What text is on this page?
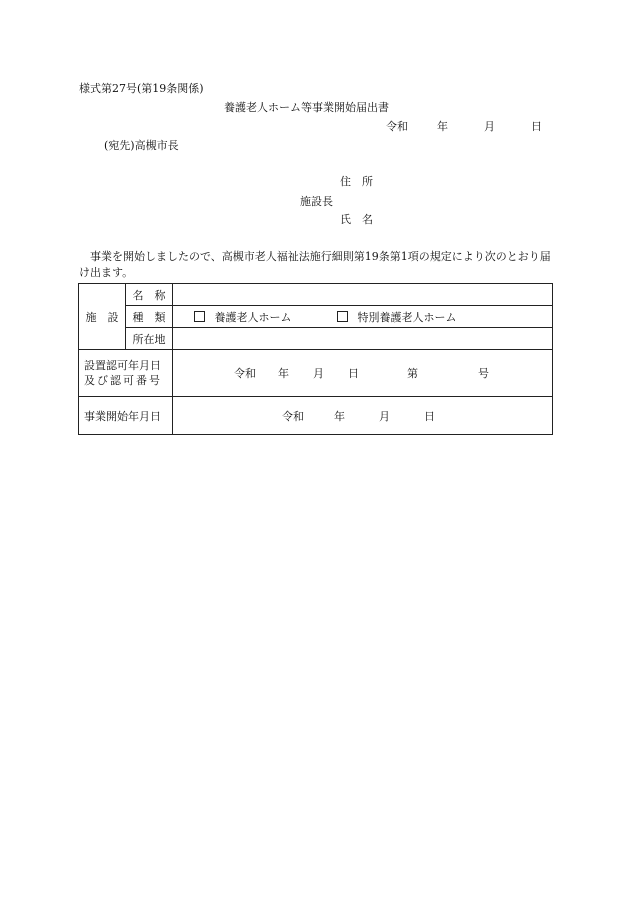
様式第27号(第19条関係)
養護老人ホーム等事業開始届出書
令和	年	月	日
(宛先)高槻市長
住　所
施設長
氏　名
事業を開始しましたので、高槻市老人福祉法施行細則第19条第1項の規定により次のとおり届け出ます。
施　設	名　称	
	種　類	養護老人ホーム 特別養護老人ホーム
	所在地	

設置認可年月日
及び認可番号		令和 年 月 日 第 号
事業開始年月日		令和 年 月 日
